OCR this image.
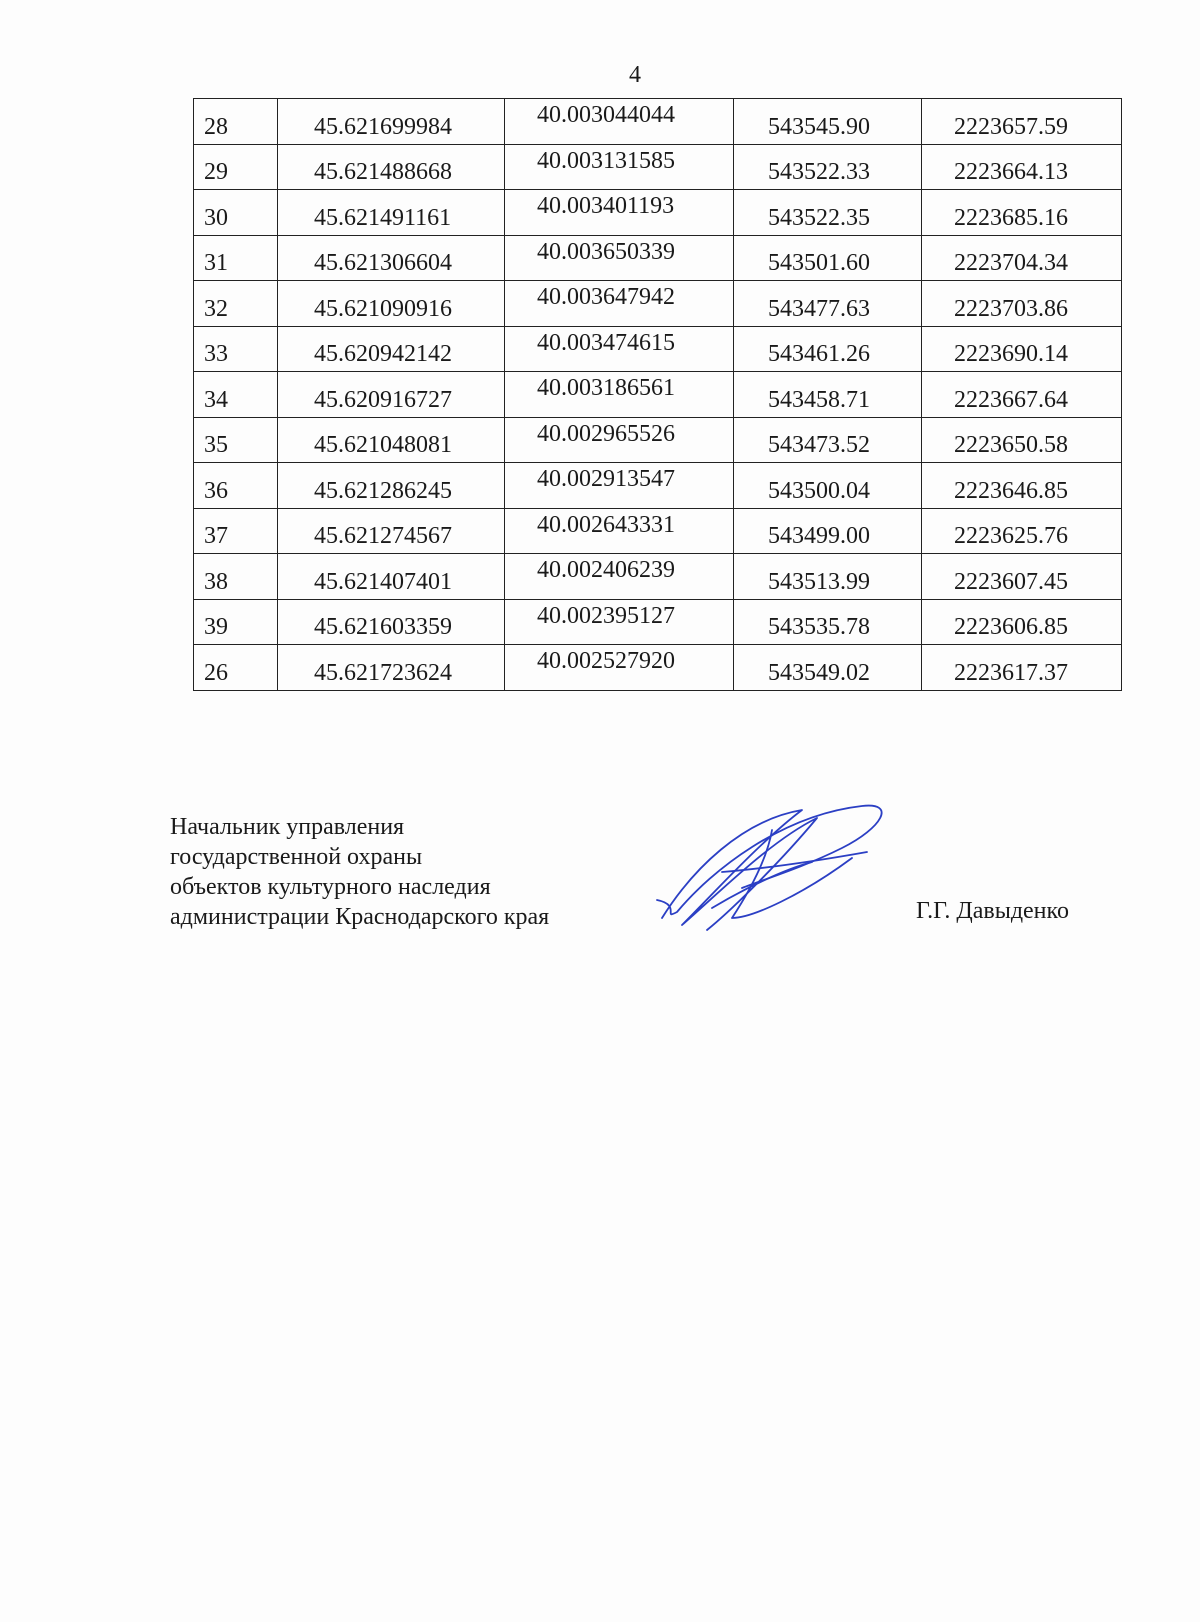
4
28	45.621699984	40.003044044	543545.90	2223657.59

29	45.621488668	40.003131585	543522.33	2223664.13

30	45.621491161	40.003401193	543522.35	2223685.16

31	45.621306604	40.003650339	543501.60	2223704.34

32	45.621090916	40.003647942	543477.63	2223703.86

33	45.620942142	40.003474615	543461.26	2223690.14

34	45.620916727	40.003186561	543458.71	2223667.64

35	45.621048081	40.002965526	543473.52	2223650.58

36	45.621286245	40.002913547	543500.04	2223646.85

37	45.621274567	40.002643331	543499.00	2223625.76

38	45.621407401	40.002406239	543513.99	2223607.45

39	45.621603359	40.002395127	543535.78	2223606.85

26	45.621723624	40.002527920	543549.02	2223617.37
Начальник управления
государственной охраны
объектов культурного наследия
администрации Краснодарского края	Г.Г. Давыденко
